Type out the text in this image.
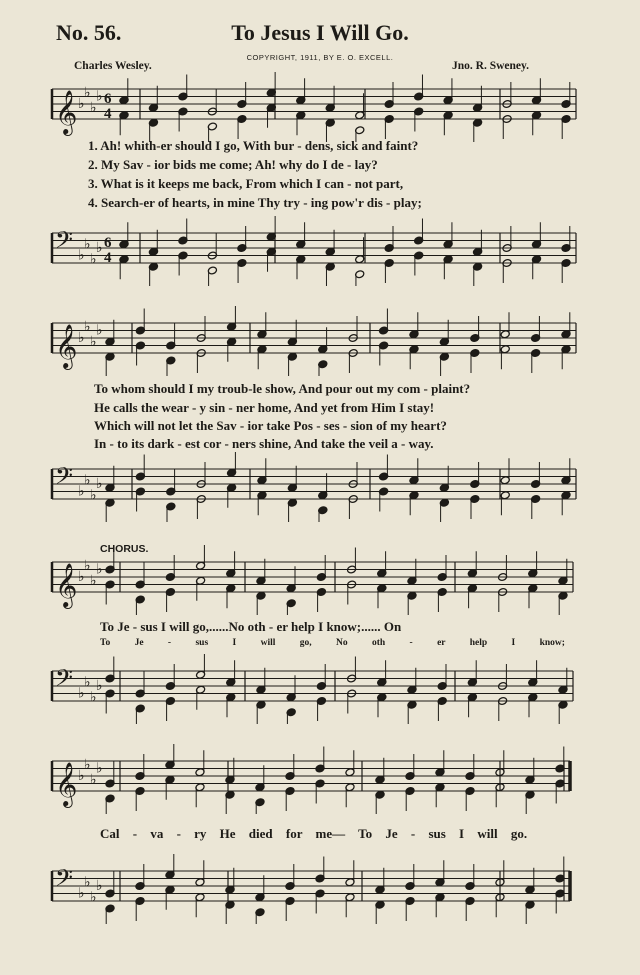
No. 56.	To Jesus I Will Go.
COPYRIGHT, 1911, BY E. O. EXCELL.
Charles Wesley.	Jno. R. Sweney.
𝄞 ♭
♭
♭
♭ 6
4
1. Ah! whith-er should I go, With bur - dens, sick and faint?
2. My Sav - ior bids me come; Ah! why do I de - lay?
3. What is it keeps me back, From which I can - not part,
4. Search-er of hearts, in mine Thy try - ing pow'r dis - play;
𝄢 ♭
♭
♭
♭ 6
4
𝄞 ♭
♭
♭
♭
To whom should I my troub-le show, And pour out my com - plaint?
He calls the wear - y sin - ner home, And yet from Him I stay!
Which will not let the Sav - ior take Pos - ses - sion of my heart?
In - to its dark - est cor - ners shine, And take the veil a - way.
𝄢 ♭
♭
♭
♭
CHORUS.
𝄞 ♭
♭
♭
♭
To Je - sus I will go,......No oth - er help I know;...... On
To Je - sus I will go, No oth - er help I know;
𝄢 ♭
♭
♭
♭
𝄞 ♭
♭
♭
♭
Cal - va - ry He died for me— To Je - sus I will go.
𝄢 ♭
♭
♭
♭
